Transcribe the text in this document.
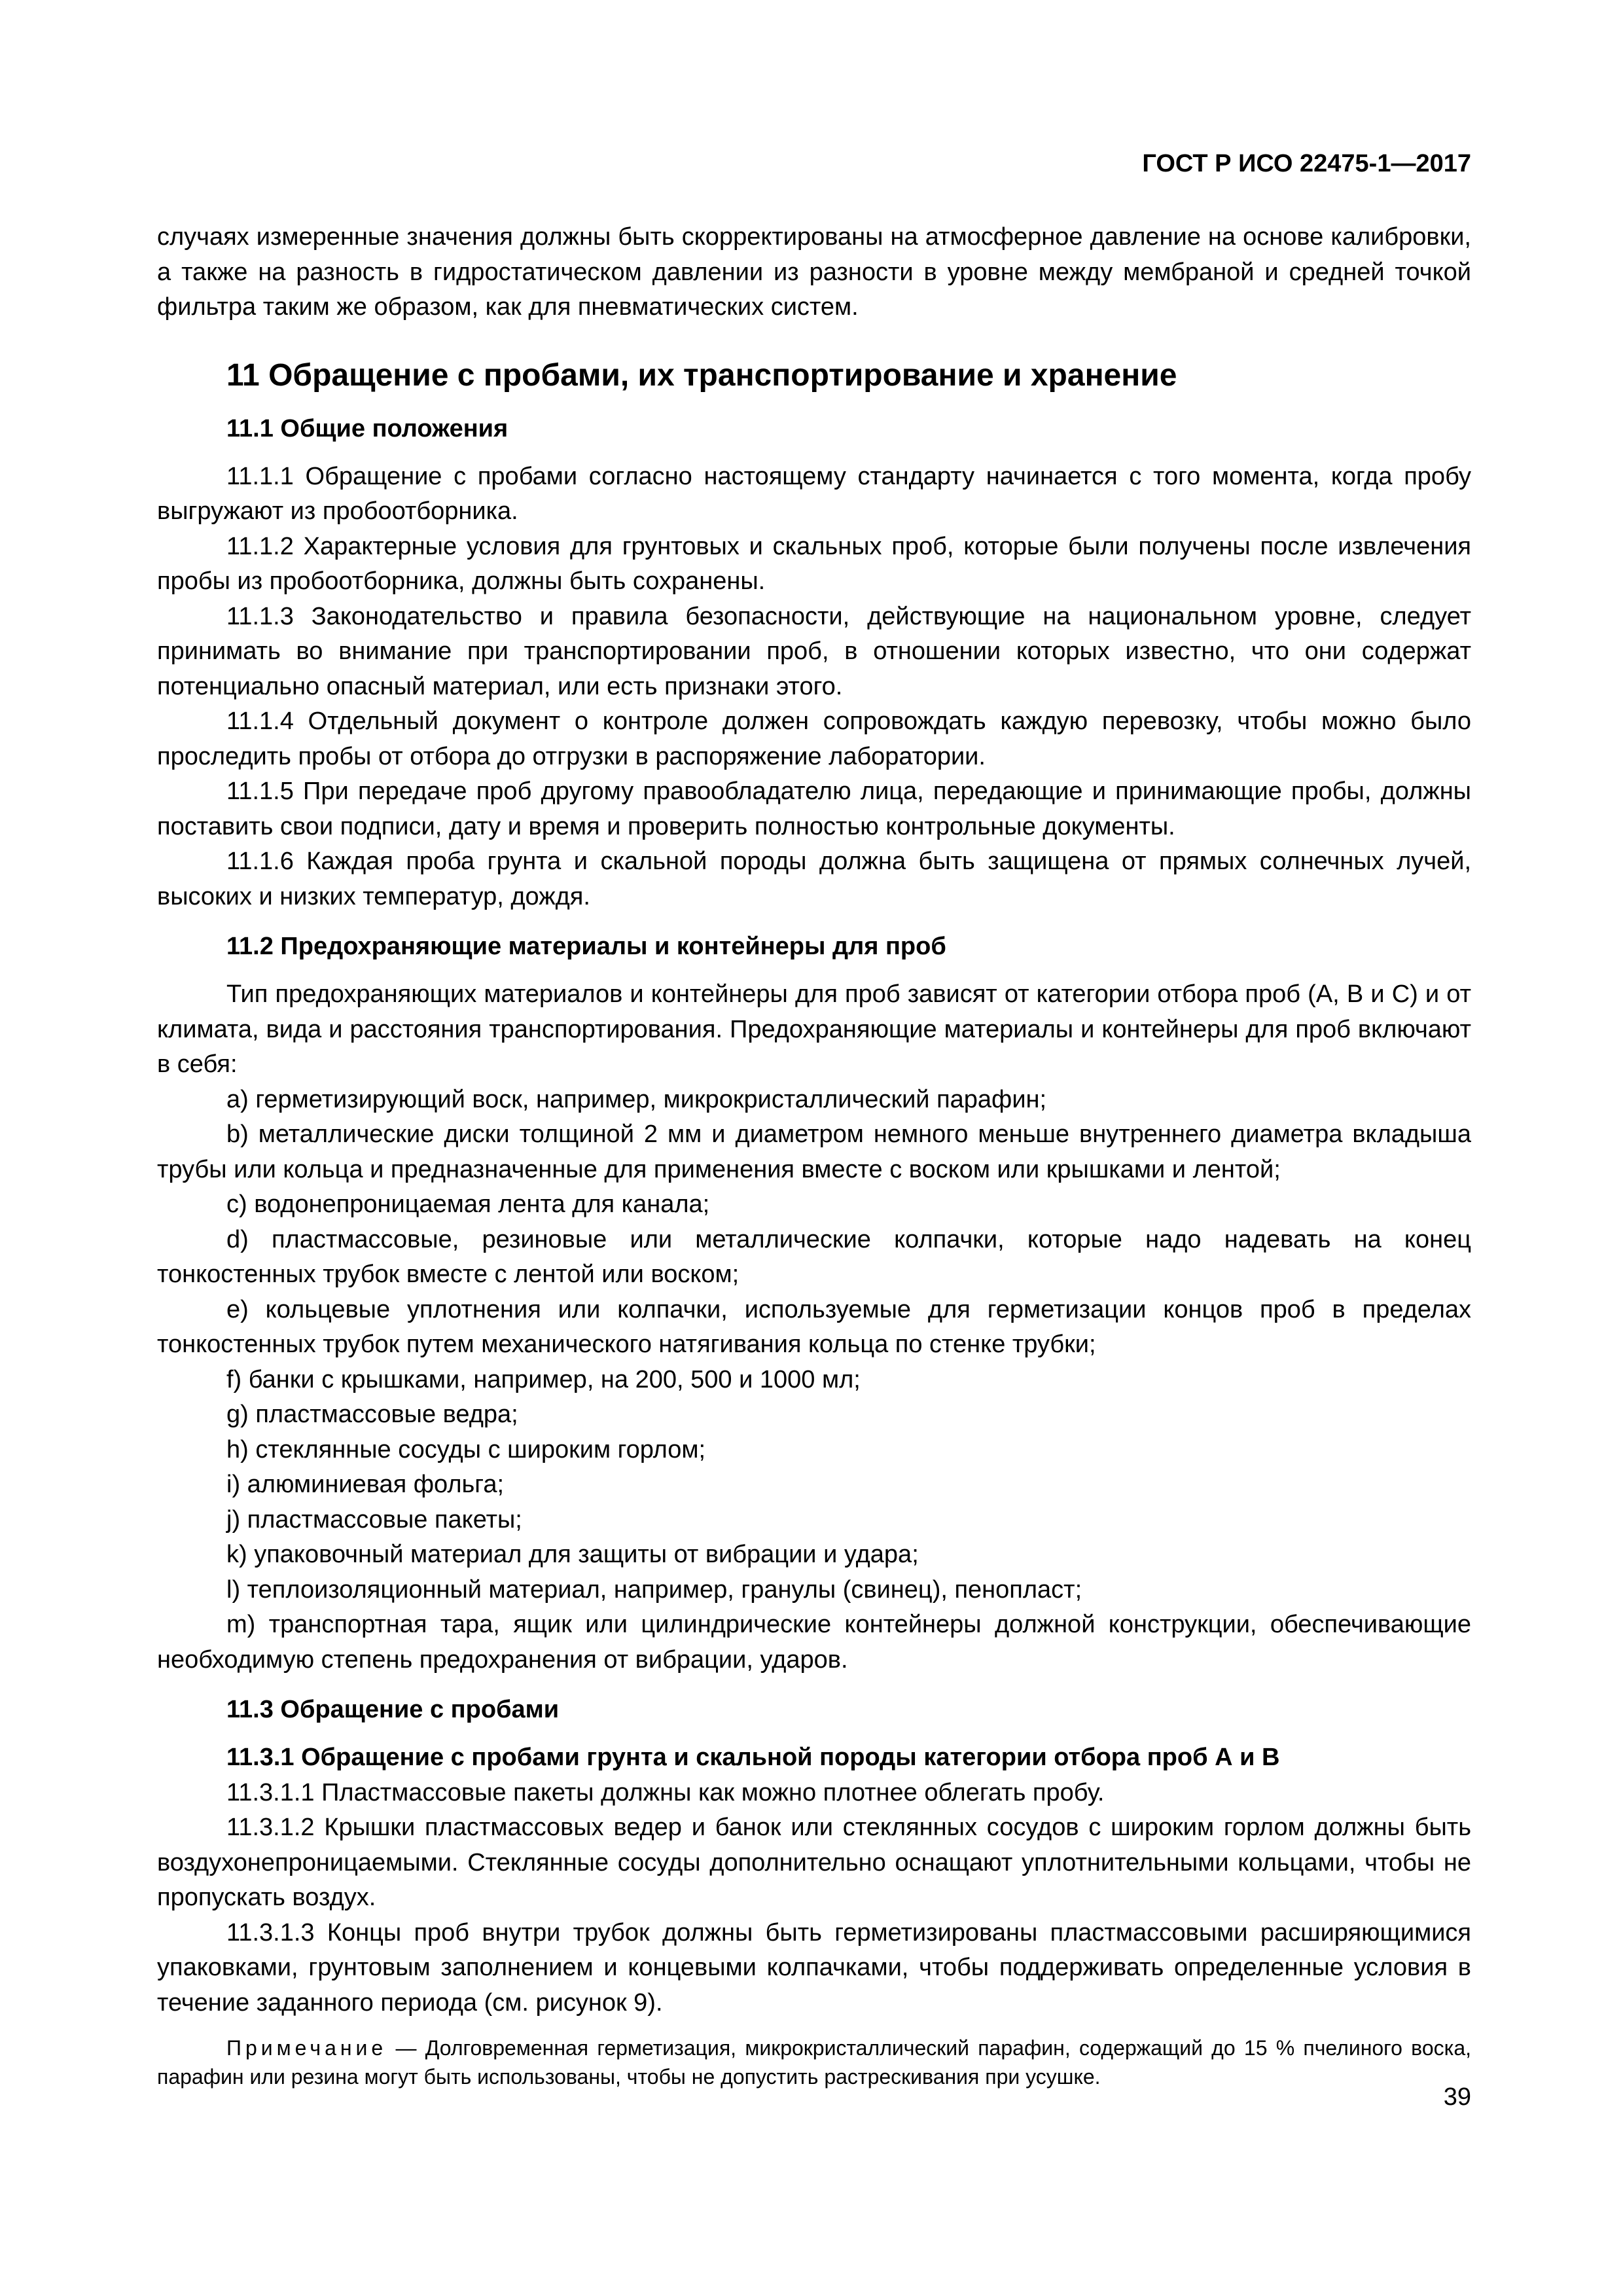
ГОСТ Р ИСО 22475-1—2017

случаях измеренные значения должны быть скорректированы на атмосферное давление на основе калибровки, а также на разность в гидростатическом давлении из разности в уровне между мембраной и средней точкой фильтра таким же образом, как для пневматических систем.

11 Обращение с пробами, их транспортирование и хранение

11.1 Общие положения

11.1.1 Обращение с пробами согласно настоящему стандарту начинается с того момента, когда пробу выгружают из пробоотборника.

11.1.2 Характерные условия для грунтовых и скальных проб, которые были получены после извлечения пробы из пробоотборника, должны быть сохранены.

11.1.3 Законодательство и правила безопасности, действующие на национальном уровне, следует принимать во внимание при транспортировании проб, в отношении которых известно, что они содержат потенциально опасный материал, или есть признаки этого.

11.1.4 Отдельный документ о контроле должен сопровождать каждую перевозку, чтобы можно было проследить пробы от отбора до отгрузки в распоряжение лаборатории.

11.1.5 При передаче проб другому правообладателю лица, передающие и принимающие пробы, должны поставить свои подписи, дату и время и проверить полностью контрольные документы.

11.1.6 Каждая проба грунта и скальной породы должна быть защищена от прямых солнечных лучей, высоких и низких температур, дождя.

11.2 Предохраняющие материалы и контейнеры для проб

Тип предохраняющих материалов и контейнеры для проб зависят от категории отбора проб (А, В и С) и от климата, вида и расстояния транспортирования. Предохраняющие материалы и контейнеры для проб включают в себя:

a) герметизирующий воск, например, микрокристаллический парафин;

b) металлические диски толщиной 2 мм и диаметром немного меньше внутреннего диаметра вкладыша трубы или кольца и предназначенные для применения вместе с воском или крышками и лентой;

c) водонепроницаемая лента для канала;

d) пластмассовые, резиновые или металлические колпачки, которые надо надевать на конец тонкостенных трубок вместе с лентой или воском;

e) кольцевые уплотнения или колпачки, используемые для герметизации концов проб в пределах тонкостенных трубок путем механического натягивания кольца по стенке трубки;

f) банки с крышками, например, на 200, 500 и 1000 мл;

g) пластмассовые ведра;

h) стеклянные сосуды с широким горлом;

i) алюминиевая фольга;

j) пластмассовые пакеты;

k) упаковочный материал для защиты от вибрации и удара;

l) теплоизоляционный материал, например, гранулы (свинец), пенопласт;

m) транспортная тара, ящик или цилиндрические контейнеры должной конструкции, обеспечивающие необходимую степень предохранения от вибрации, ударов.

11.3 Обращение с пробами

11.3.1 Обращение с пробами грунта и скальной породы категории отбора проб А и В

11.3.1.1 Пластмассовые пакеты должны как можно плотнее облегать пробу.

11.3.1.2 Крышки пластмассовых ведер и банок или стеклянных сосудов с широким горлом должны быть воздухонепроницаемыми. Стеклянные сосуды дополнительно оснащают уплотнительными кольцами, чтобы не пропускать воздух.

11.3.1.3 Концы проб внутри трубок должны быть герметизированы пластмассовыми расширяющимися упаковками, грунтовым заполнением и концевыми колпачками, чтобы поддерживать определенные условия в течение заданного периода (см. рисунок 9).

Примечание — Долговременная герметизация, микрокристаллический парафин, содержащий до 15 % пчелиного воска, парафин или резина могут быть использованы, чтобы не допустить растрескивания при усушке.

39
